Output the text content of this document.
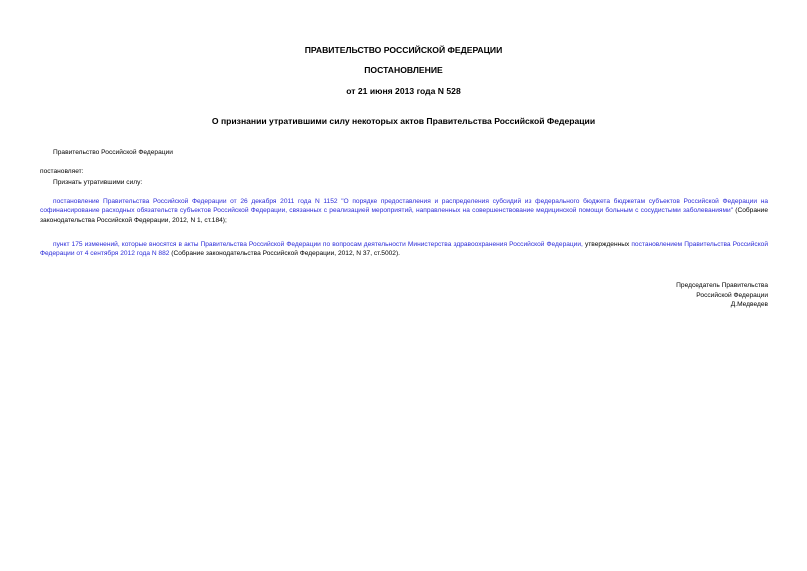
ПРАВИТЕЛЬСТВО РОССИЙСКОЙ ФЕДЕРАЦИИ
ПОСТАНОВЛЕНИЕ
от 21 июня 2013 года N 528
О признании утратившими силу некоторых актов Правительства Российской Федерации
Правительство Российской Федерации
постановляет:
Признать утратившими силу:
постановление Правительства Российской Федерации от 26 декабря 2011 года N 1152 "О порядке предоставления и распределения субсидий из федерального бюджета бюджетам субъектов Российской Федерации на софинансирование расходных обязательств субъектов Российской Федерации, связанных с реализацией мероприятий, направленных на совершенствование медицинской помощи больным с сосудистыми заболеваниями" (Собрание законодательства Российской Федерации, 2012, N 1, ст.184);
пункт 175 изменений, которые вносятся в акты Правительства Российской Федерации по вопросам деятельности Министерства здравоохранения Российской Федерации, утвержденных постановлением Правительства Российской Федерации от 4 сентября 2012 года N 882 (Собрание законодательства Российской Федерации, 2012, N 37, ст.5002).
Председатель Правительства
Российской Федерации
Д.Медведев
